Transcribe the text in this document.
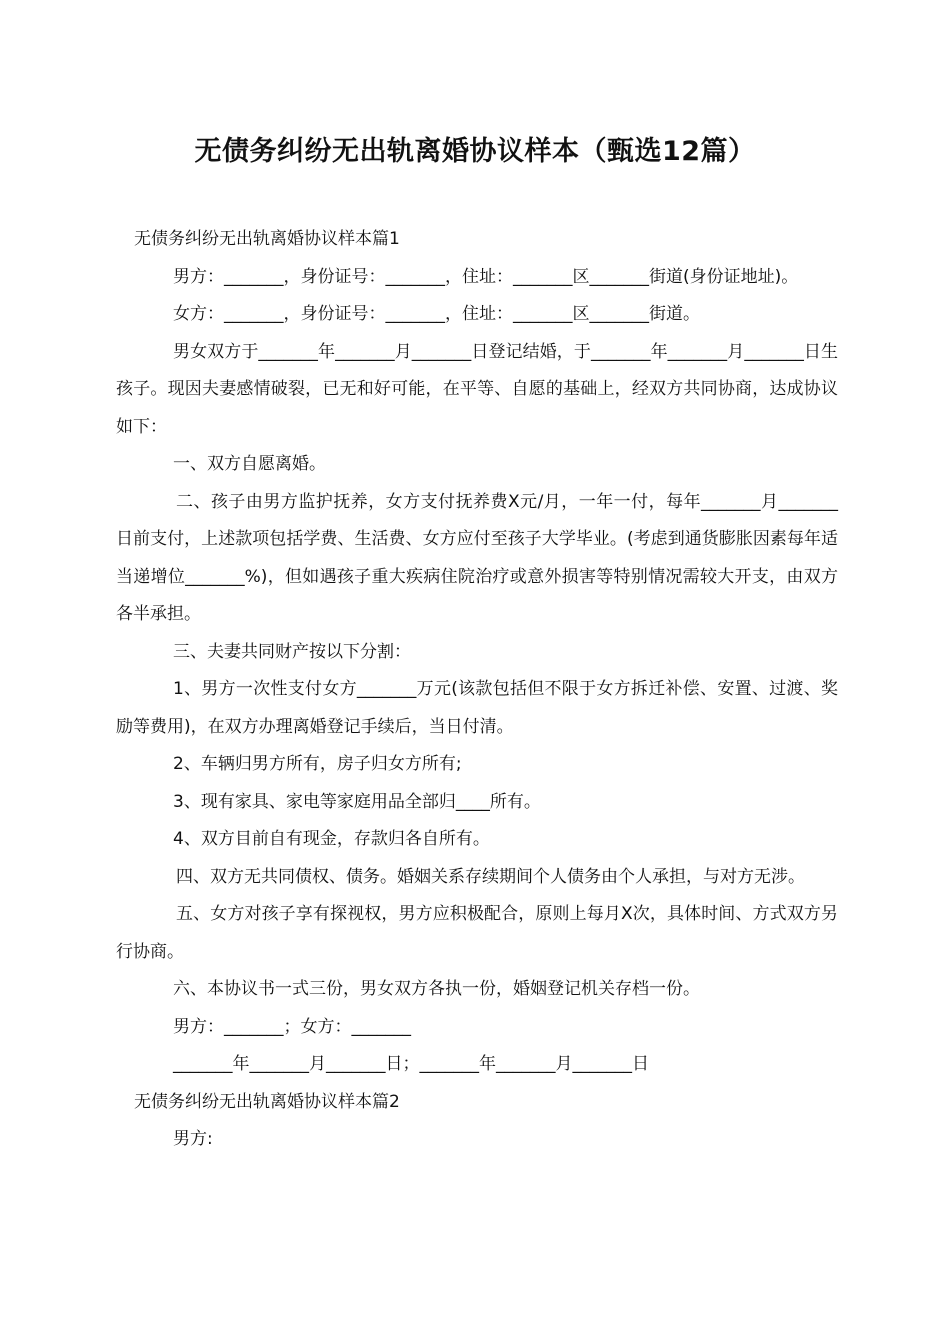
无债务纠纷无出轨离婚协议样本（甄选12篇）

无债务纠纷无出轨离婚协议样本篇1

男方：_______，身份证号：_______，住址：_______区_______街道(身份证地址)。

女方：_______，身份证号：_______，住址：_______区_______街道。

男女双方于_______年_______月_______日登记结婚，于_______年_______月_______日生孩子。现因夫妻感情破裂，已无和好可能，在平等、自愿的基础上，经双方共同协商，达成协议如下：

一、双方自愿离婚。

二、孩子由男方监护抚养，女方支付抚养费X元/月，一年一付，每年_______月_______日前支付，上述款项包括学费、生活费、女方应付至孩子大学毕业。(考虑到通货膨胀因素每年适当递增位_______%)，但如遇孩子重大疾病住院治疗或意外损害等特别情况需较大开支，由双方各半承担。

三、夫妻共同财产按以下分割：

1、男方一次性支付女方_______万元(该款包括但不限于女方拆迁补偿、安置、过渡、奖励等费用)，在双方办理离婚登记手续后，当日付清。

2、车辆归男方所有，房子归女方所有;

3、现有家具、家电等家庭用品全部归____所有。

4、双方目前自有现金，存款归各自所有。

四、双方无共同债权、债务。婚姻关系存续期间个人债务由个人承担，与对方无涉。

五、女方对孩子享有探视权，男方应积极配合，原则上每月X次，具体时间、方式双方另行协商。

六、本协议书一式三份，男女双方各执一份，婚姻登记机关存档一份。

男方：_______；女方：_______

_______年_______月_______日；_______年_______月_______日

无债务纠纷无出轨离婚协议样本篇2

男方:
